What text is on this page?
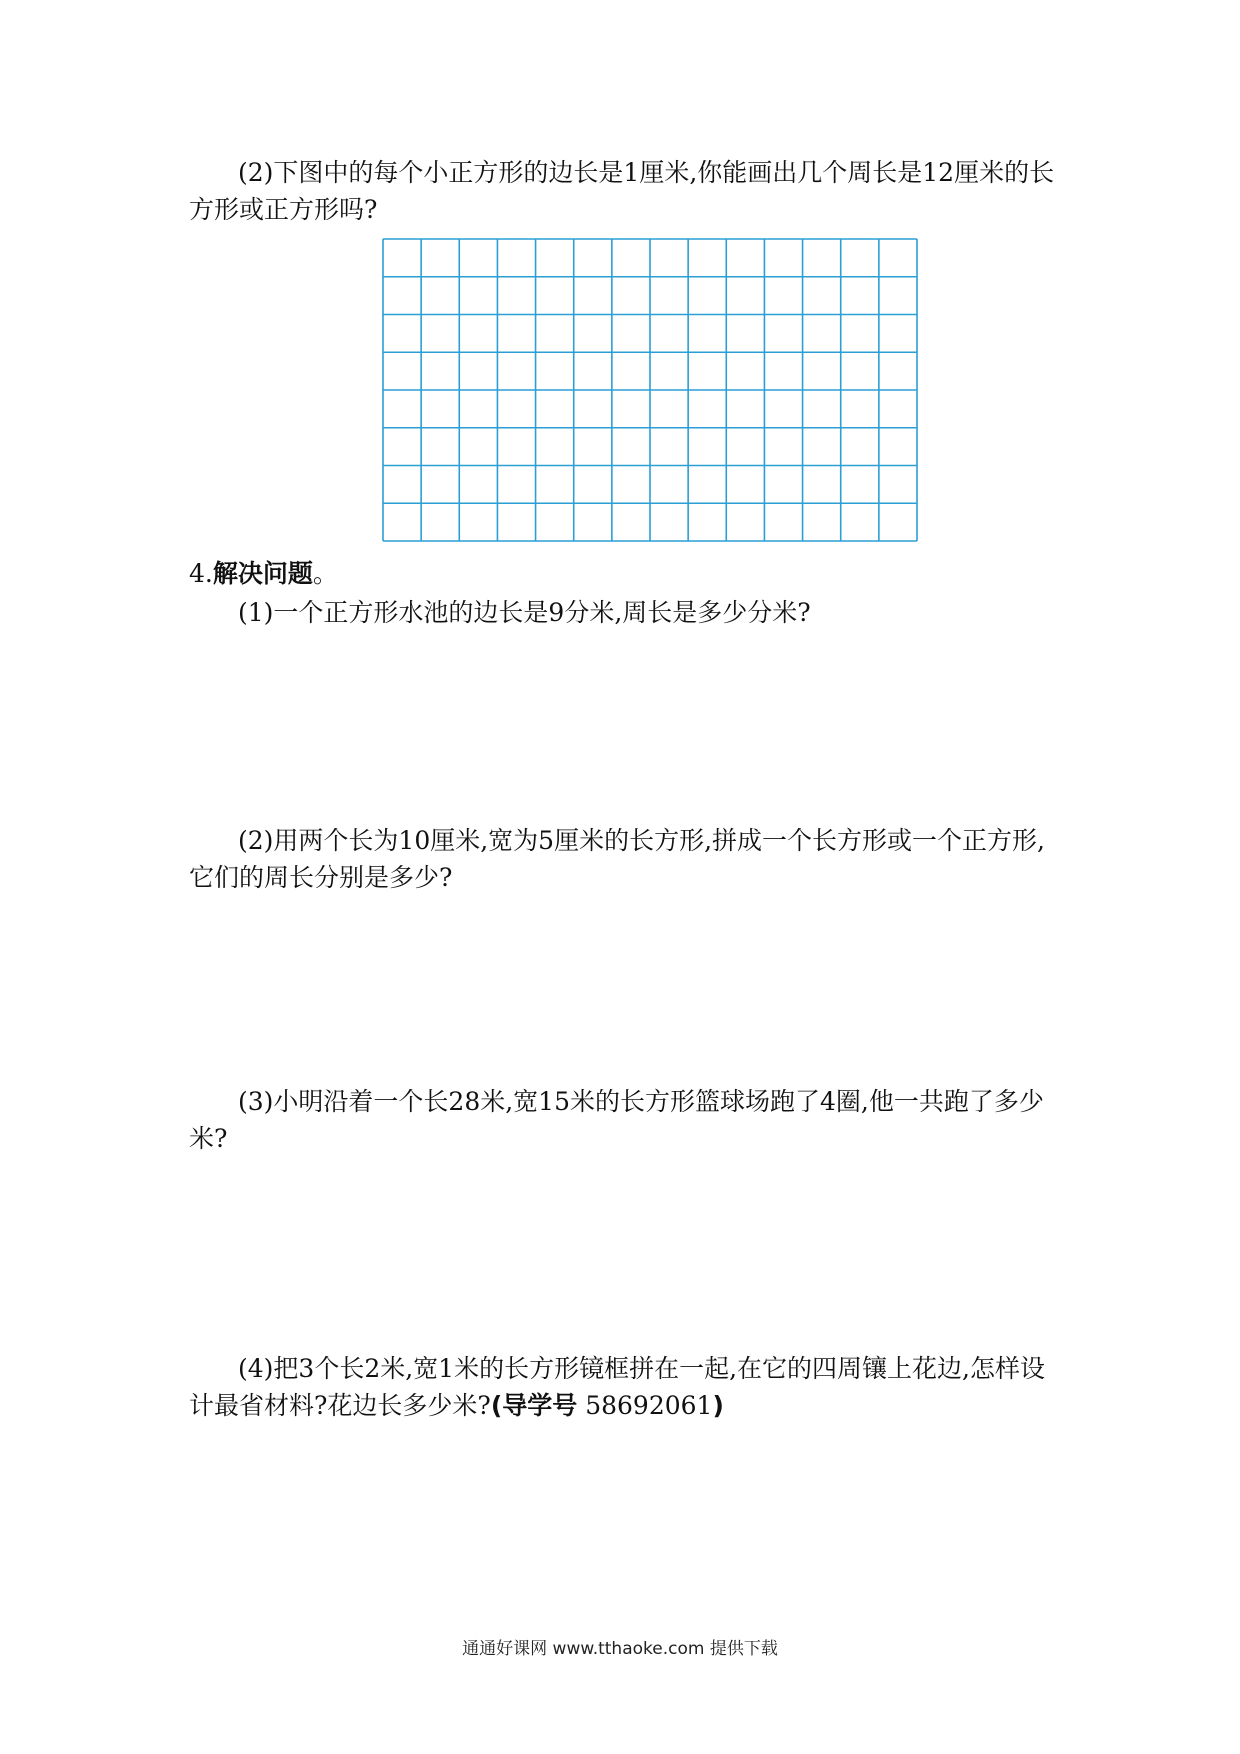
(2)下图中的每个小正方形的边长是1厘米,你能画出几个周长是12厘米的长
方形或正方形吗?
4.解决问题。
(1)一个正方形水池的边长是9分米,周长是多少分米?
(2)用两个长为10厘米,宽为5厘米的长方形,拼成一个长方形或一个正方形,
它们的周长分别是多少?
(3)小明沿着一个长28米,宽15米的长方形篮球场跑了4圈,他一共跑了多少
米?
(4)把3个长2米,宽1米的长方形镜框拼在一起,在它的四周镶上花边,怎样设
计最省材料?花边长多少米?(导学号 58692061)
通通好课网 www.tthaoke.com 提供下载
